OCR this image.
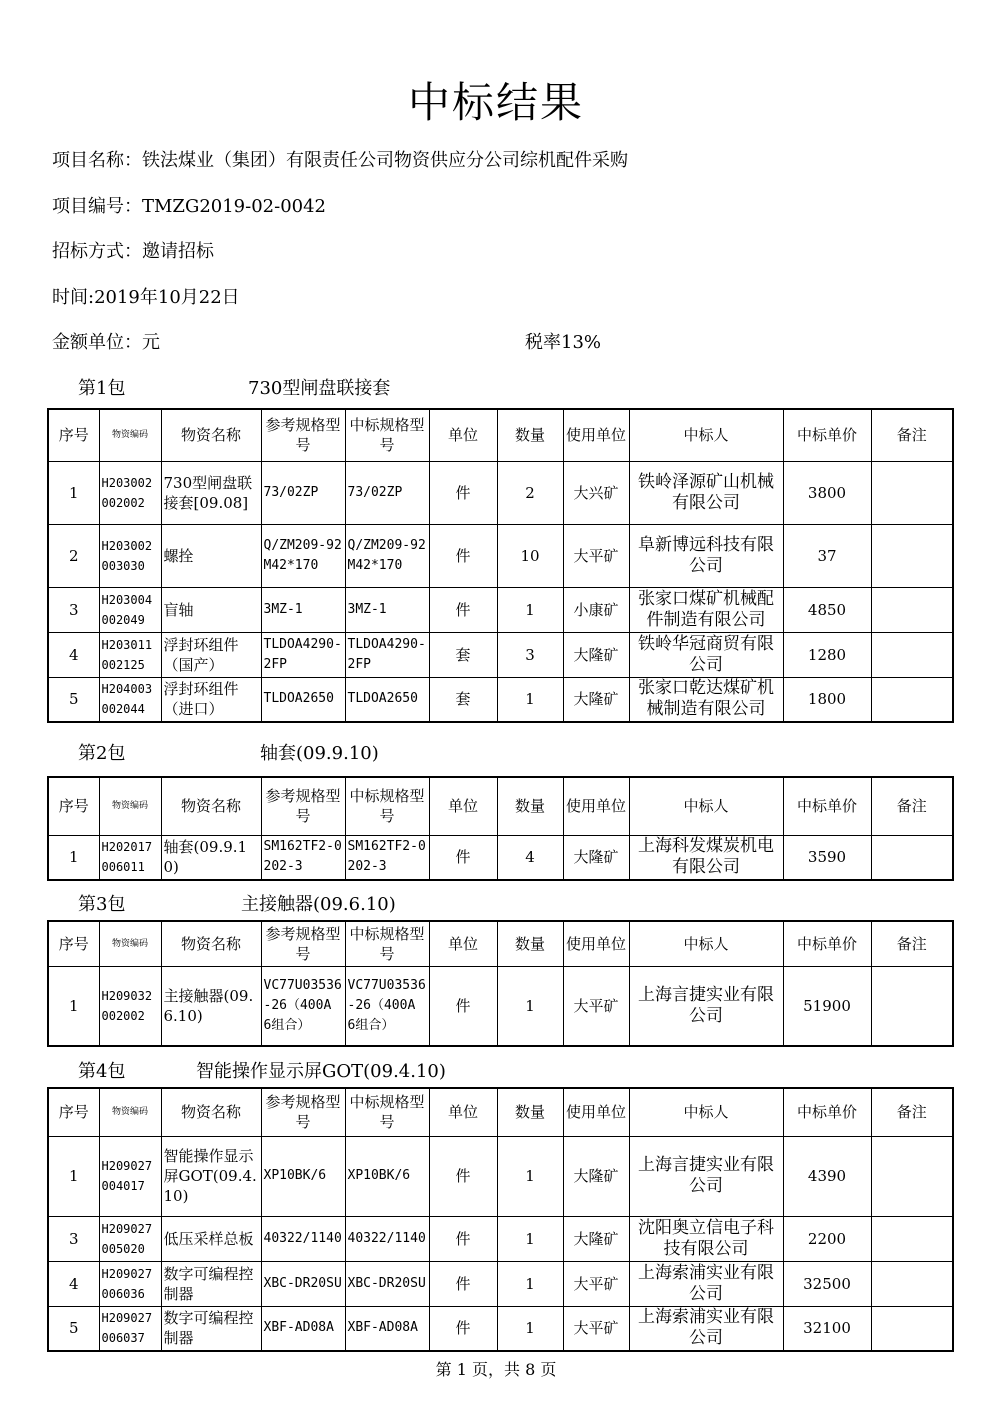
中标结果
项目名称：铁法煤业（集团）有限责任公司物资供应分公司综机配件采购
项目编号：TMZG2019-02-0042
招标方式：邀请招标
时间:2019年10月22日
金额单位：元	税率13%
第1包	730型闸盘联接套
第2包	轴套(09.9.10)
第3包	主接触器(09.6.10)
第4包	智能操作显示屏GOT(09.4.10)
序号	物资编码	物资名称	参考规格型号	中标规格型号	单位	数量	使用单位	中标人	中标单价	备注
1	H203002002002	730型闸盘联接套[09.08]	73/02ZP	73/02ZP	件	2	大兴矿	铁岭泽源矿山机械有限公司	3800	
2	H203002003030	螺拴	Q/ZM209-92 M42*170	Q/ZM209-92 M42*170	件	10	大平矿	阜新博远科技有限公司	37	
3	H203004002049	盲轴	3MZ-1	3MZ-1	件	1	小康矿	张家口煤矿机械配件制造有限公司	4850	
4	H203011002125	浮封环组件（国产）	TLDOA4290-2FP	TLDOA4290-2FP	套	3	大隆矿	铁岭华冠商贸有限公司	1280	
5	H204003002044	浮封环组件（进口）	TLDOA2650	TLDOA2650	套	1	大隆矿	张家口乾达煤矿机械制造有限公司	1800	
序号	物资编码	物资名称	参考规格型号	中标规格型号	单位	数量	使用单位	中标人	中标单价	备注
1	H202017006011	轴套(09.9.10)	SM162TF2-0202-3	SM162TF2-0202-3	件	4	大隆矿	上海科发煤炭机电有限公司	3590	
序号	物资编码	物资名称	参考规格型号	中标规格型号	单位	数量	使用单位	中标人	中标单价	备注
1	H209032002002	主接触器(09.6.10)	VC77U03536-26（400A 6组合）	VC77U03536-26（400A 6组合）	件	1	大平矿	上海言捷实业有限公司	51900	
序号	物资编码	物资名称	参考规格型号	中标规格型号	单位	数量	使用单位	中标人	中标单价	备注
1	H209027004017	智能操作显示屏GOT(09.4.10)	XP10BK/6	XP10BK/6	件	1	大隆矿	上海言捷实业有限公司	4390	
3	H209027005020	低压采样总板	40322/1140	40322/1140	件	1	大隆矿	沈阳奥立信电子科技有限公司	2200	
4	H209027006036	数字可编程控制器	XBC-DR20SU	XBC-DR20SU	件	1	大平矿	上海索浦实业有限公司	32500	
5	H209027006037	数字可编程控制器	XBF-AD08A	XBF-AD08A	件	1	大平矿	上海索浦实业有限公司	32100	
第 1 页，共 8 页
